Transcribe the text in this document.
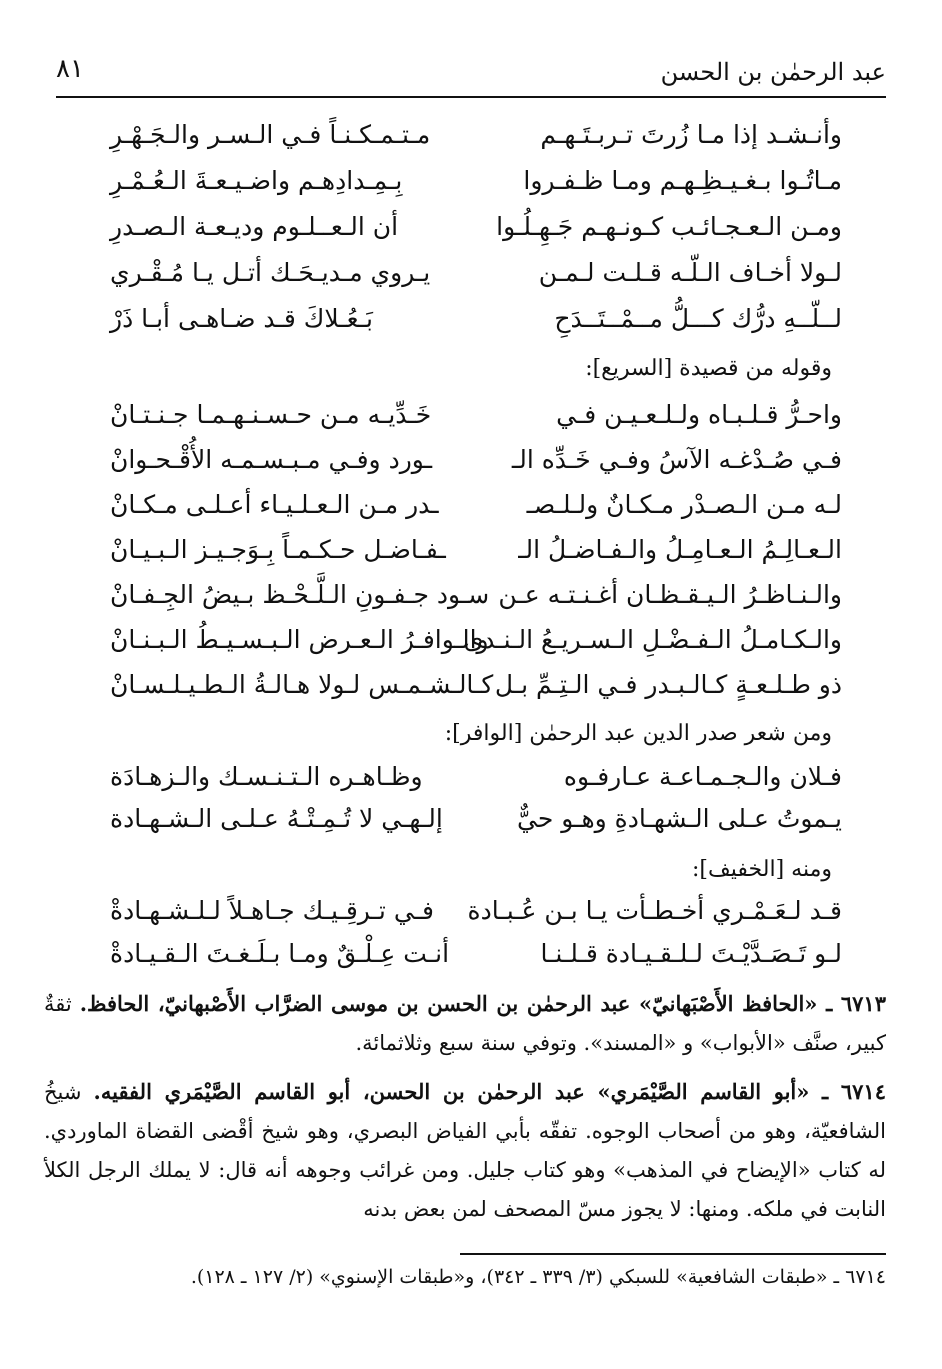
عبد الرحمٰن بن الحسن
٨١
وأنـشـد إذا مـا زُرتَ تـربـتَـهـم
مـتـمـكـنـاً فـي الـسـر والـجَـهْـرِ
مـاتُـوا بـغـيـظِـهـم ومـا ظـفـروا
بِـمِـدادِهـم واضـيـعـةَ الـعُـمْـرِ
ومـن الـعـجـائـب كـونـهـم جَـهِـلُـوا
أن الـعــلـوم وديـعـة الـصـدرِ
لـولا أخـاف الـلّـه قـلـت لـمـن
يـروي مـديـحَـك أتـل يـا مُـقْـري
لــلّــهِ درُّك كـــلُّ مــمْــتَــدَحِ
بَـعُـلاكَ قـد ضـاهـى أبـا ذَرْ
وقوله من قصيدة [السريع]:
واحـرُّ قـلـبـاه ولـلـعـيـن فـي
خَـدِّيـه مـن حـسـنـهـمـا جـنـتـانْ
فـي صُـدْغـه الآسُ وفـي خَـدِّه الـ
ـورد وفـي مـبـسـمـه الأُقْـحـوانْ
لـه مـن الـصـدْر مـكـانٌ ولـلـصـ
ـدر مـن الـعـلـيـاء أعـلـى مـكـانْ
الـعـالِـمُ الـعـامِـلُ والـفـاضـلُ الـ
ـفـاضـل حـكـمـاً بِـوَجـيـز الـبـيـانْ
والـنـاظـرُ الـيـقـظـان أغـنـتـه عـن
سـود جـفـونِ الـلَّـحْـظ بـيضُ الجِـفـانْ
والـكـامـلُ الـفـضْـلِ الـسـريـعُ الـنـدى
والـوافـرُ الـعـرض الـبـسـيـطُ الـبـنـانْ
ذو طـلـعـةٍ كـالـبـدر فـي الـتِـمِّ بـل
كـالـشـمـس لـولا هـالـةُ الـطـيـلـسـانْ
ومن شعر صدر الدين عبد الرحمٰن [الوافر]:
فـلان والـجـمـاعـة عـارفـوه
وظـاهـره الـتـنـسـك والـزهـادَة
يـموتُ عـلى الـشهـادةِ وهـو حيٌّ
إلـهـي لا تُـمِـتْـهُ عـلـى الـشـهـادة
ومنه [الخفيف]:
قـد لـعَـمْـري أخـطـأت يـا بـن عُـبـادة
فـي تـرقِـيـك جـاهـلاً لـلـشـهـادةْ
لـو تَـصَـدَّيْـتَ لـلـقـيـادة قـلـنـا
أنـت عِـلْـقٌ ومـا بـلَـغـتَ الـقـيـادةْ
٦٧١٣ ـ «الحافظ الأَصْبَهانيّ» عبد الرحمٰن بن الحسن بن موسى الضرَّاب الأَصْبهانيّ، الحافظ. ثقةٌ كبير، صنَّف «الأبواب» و «المسند». وتوفي سنة سبع وثلاثمائة.
٦٧١٤ ـ «أبو القاسم الصَّيْمَري» عبد الرحمٰن بن الحسن، أبو القاسم الصَّيْمَري الفقيه. شيخُ الشافعيّة، وهو من أصحاب الوجوه. تفقّه بأبي الفياض البصري، وهو شيخ أقْضى القضاة الماوردي. له كتاب «الإيضاح في المذهب» وهو كتاب جليل. ومن غرائب وجوهه أنه قال: لا يملك الرجل الكلأ النابت في ملكه. ومنها: لا يجوز مسّ المصحف لمن بعض بدنه
٦٧١٤ ـ «طبقات الشافعية» للسبكي (٣/ ٣٣٩ ـ ٣٤٢)، و«طبقات الإسنوي» (٢/ ١٢٧ ـ ١٢٨).
